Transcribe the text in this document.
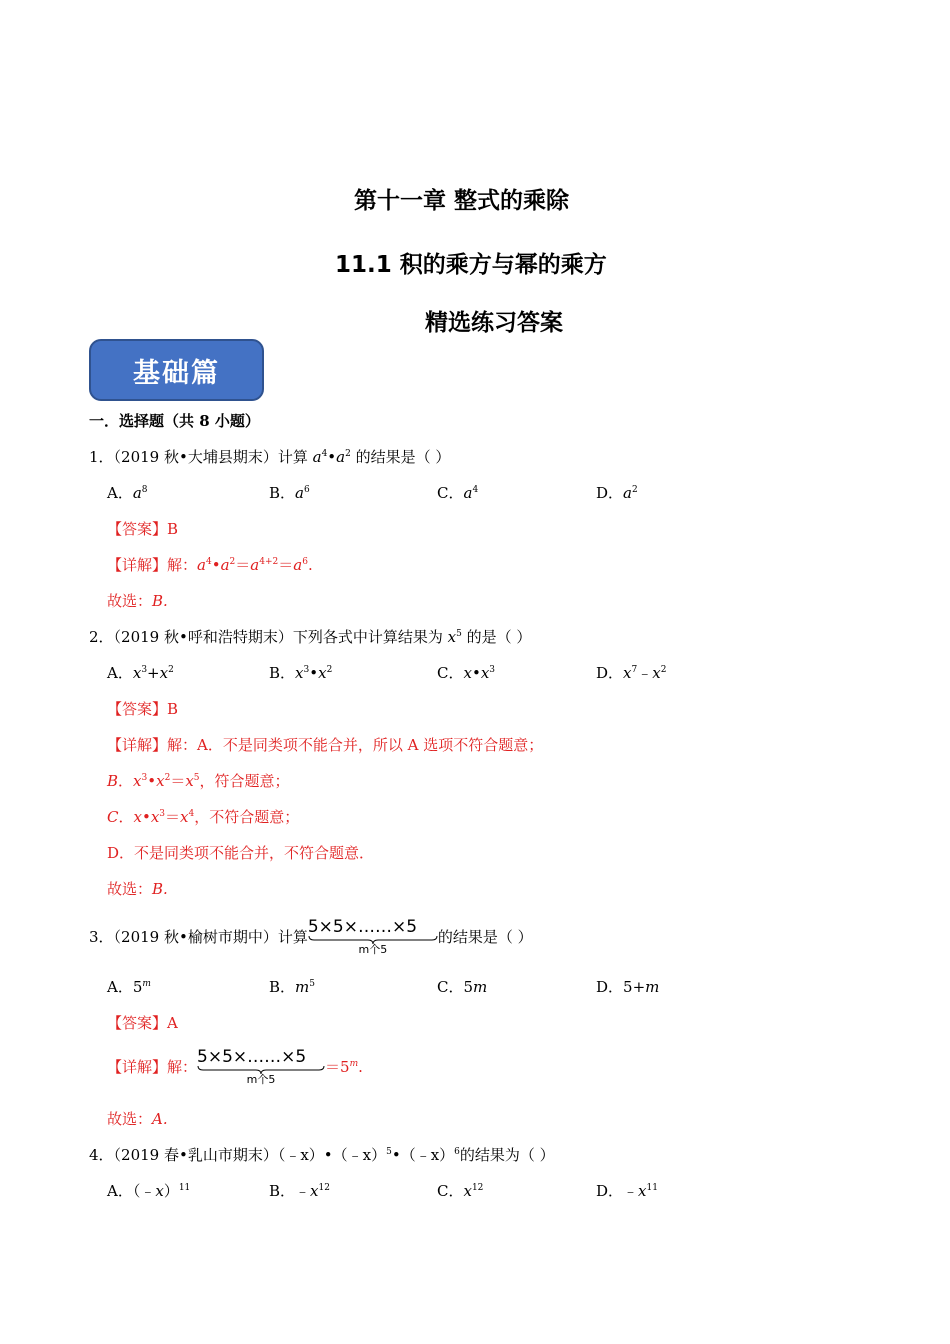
第十一章 整式的乘除
11.1 积的乘方与幂的乘方
精选练习答案
基础篇
一．选择题（共 8 小题）
1．（2019 秋•大埔县期末）计算 $a^4•a^2$ 的结果是（ ）
A．$a^8$	B．$a^6$	C．$a^4$	D．$a^2$
【答案】B
【详解】解：$a^4•a^2=a^{4+2}=a^6$.
故选：B.
2．（2019 秋•呼和浩特期末）下列各式中计算结果为 $x^5$ 的是（ ）
A．$x^3+x^2$	B．$x^3•x^2$	C．$x•x^3$	D．$x^7﹣x^2$
【答案】B
【详解】解：A．不是同类项不能合并，所以 A 选项不符合题意；
B．$x^3•x^2=x^5$，符合题意；
C．$x•x^3=x^4$，不符合题意；
D．不是同类项不能合并，不符合题意．
故选：B.
3．（2019 秋•榆树市期中）计算 5×5×……×5
m个5
的结果是（ ）
A．5$^m$	B．$m^5$	C．5m	D．5+m
【答案】A
【详解】解： 5×5×……×5
m个5
$=5^m$.
故选：A.
4．（2019 春•乳山市期末）（﹣x）•（﹣x）$^5$•（﹣x）$^6$的结果为（ ）
A．（﹣x）$^{11}$	B．$﹣x^{12}$	C．$x^{12}$	D．$﹣x^{11}$
